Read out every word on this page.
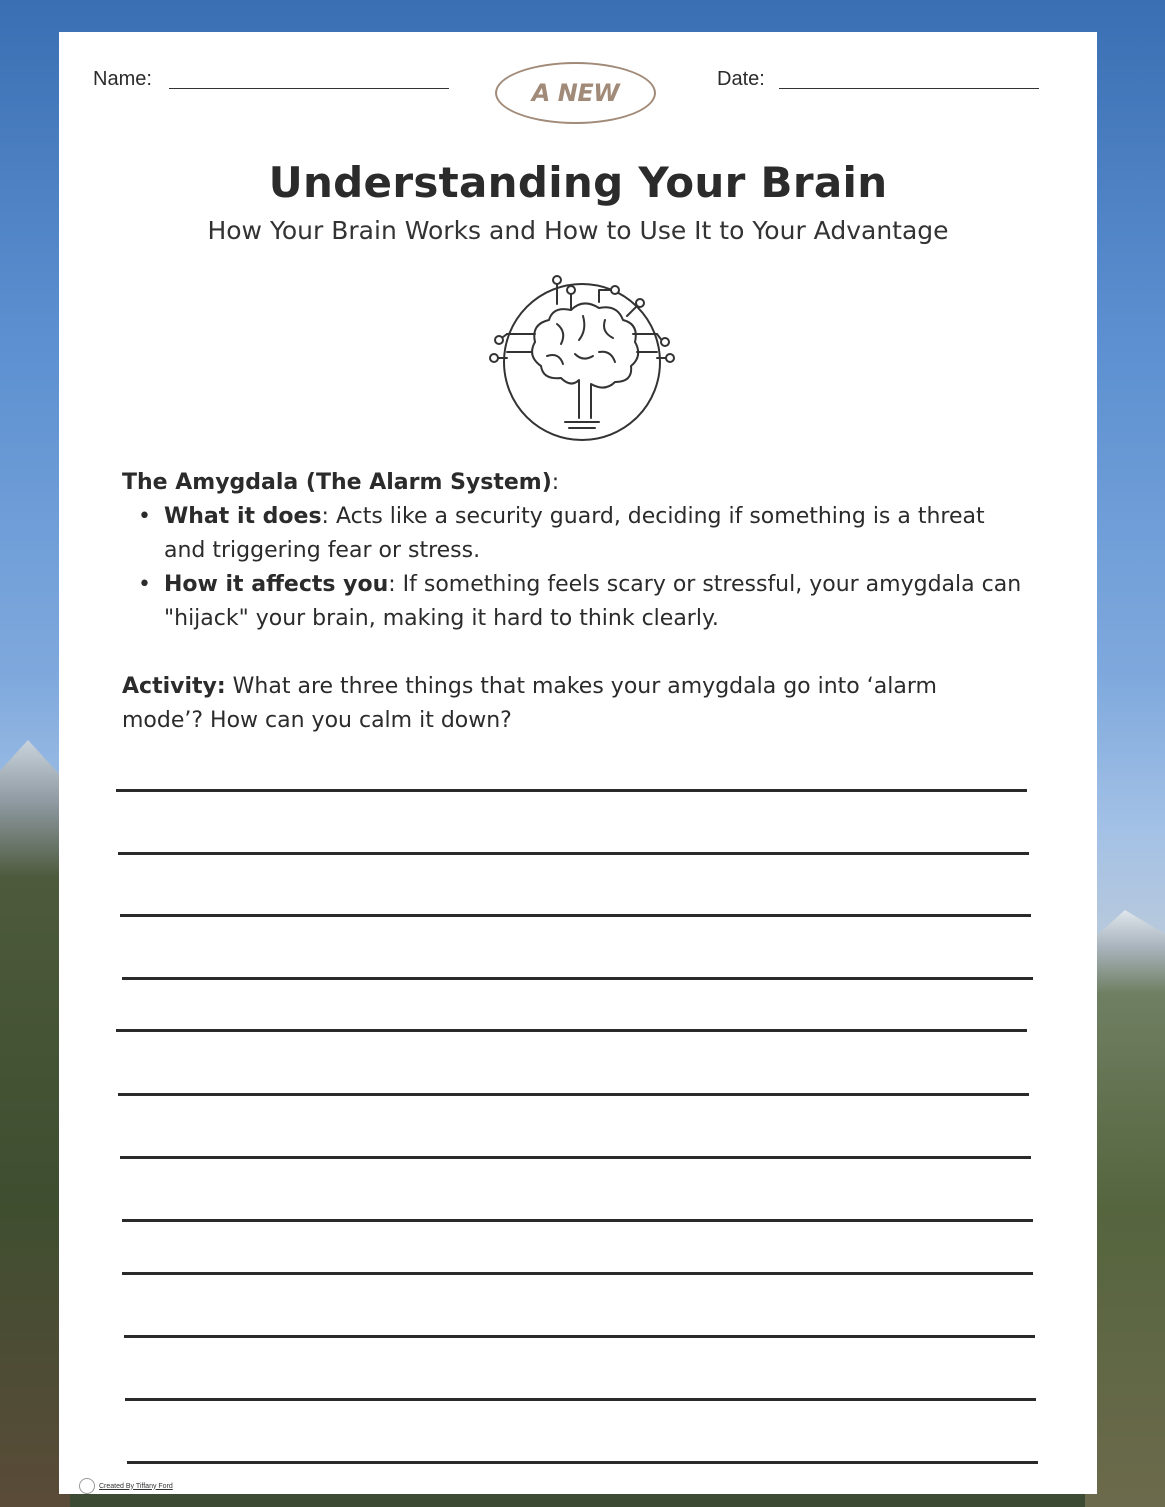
Name:	A NEW	Date:
Understanding Your Brain
How Your Brain Works and How to Use It to Your Advantage
The Amygdala (The Alarm System):
• What it does: Acts like a security guard, deciding if something is a threat and triggering fear or stress.
• How it affects you: If something feels scary or stressful, your amygdala can "hijack" your brain, making it hard to think clearly.
Activity: What are three things that makes your amygdala go into ‘alarm mode’? How can you calm it down?
Created By Tiffany Ford
